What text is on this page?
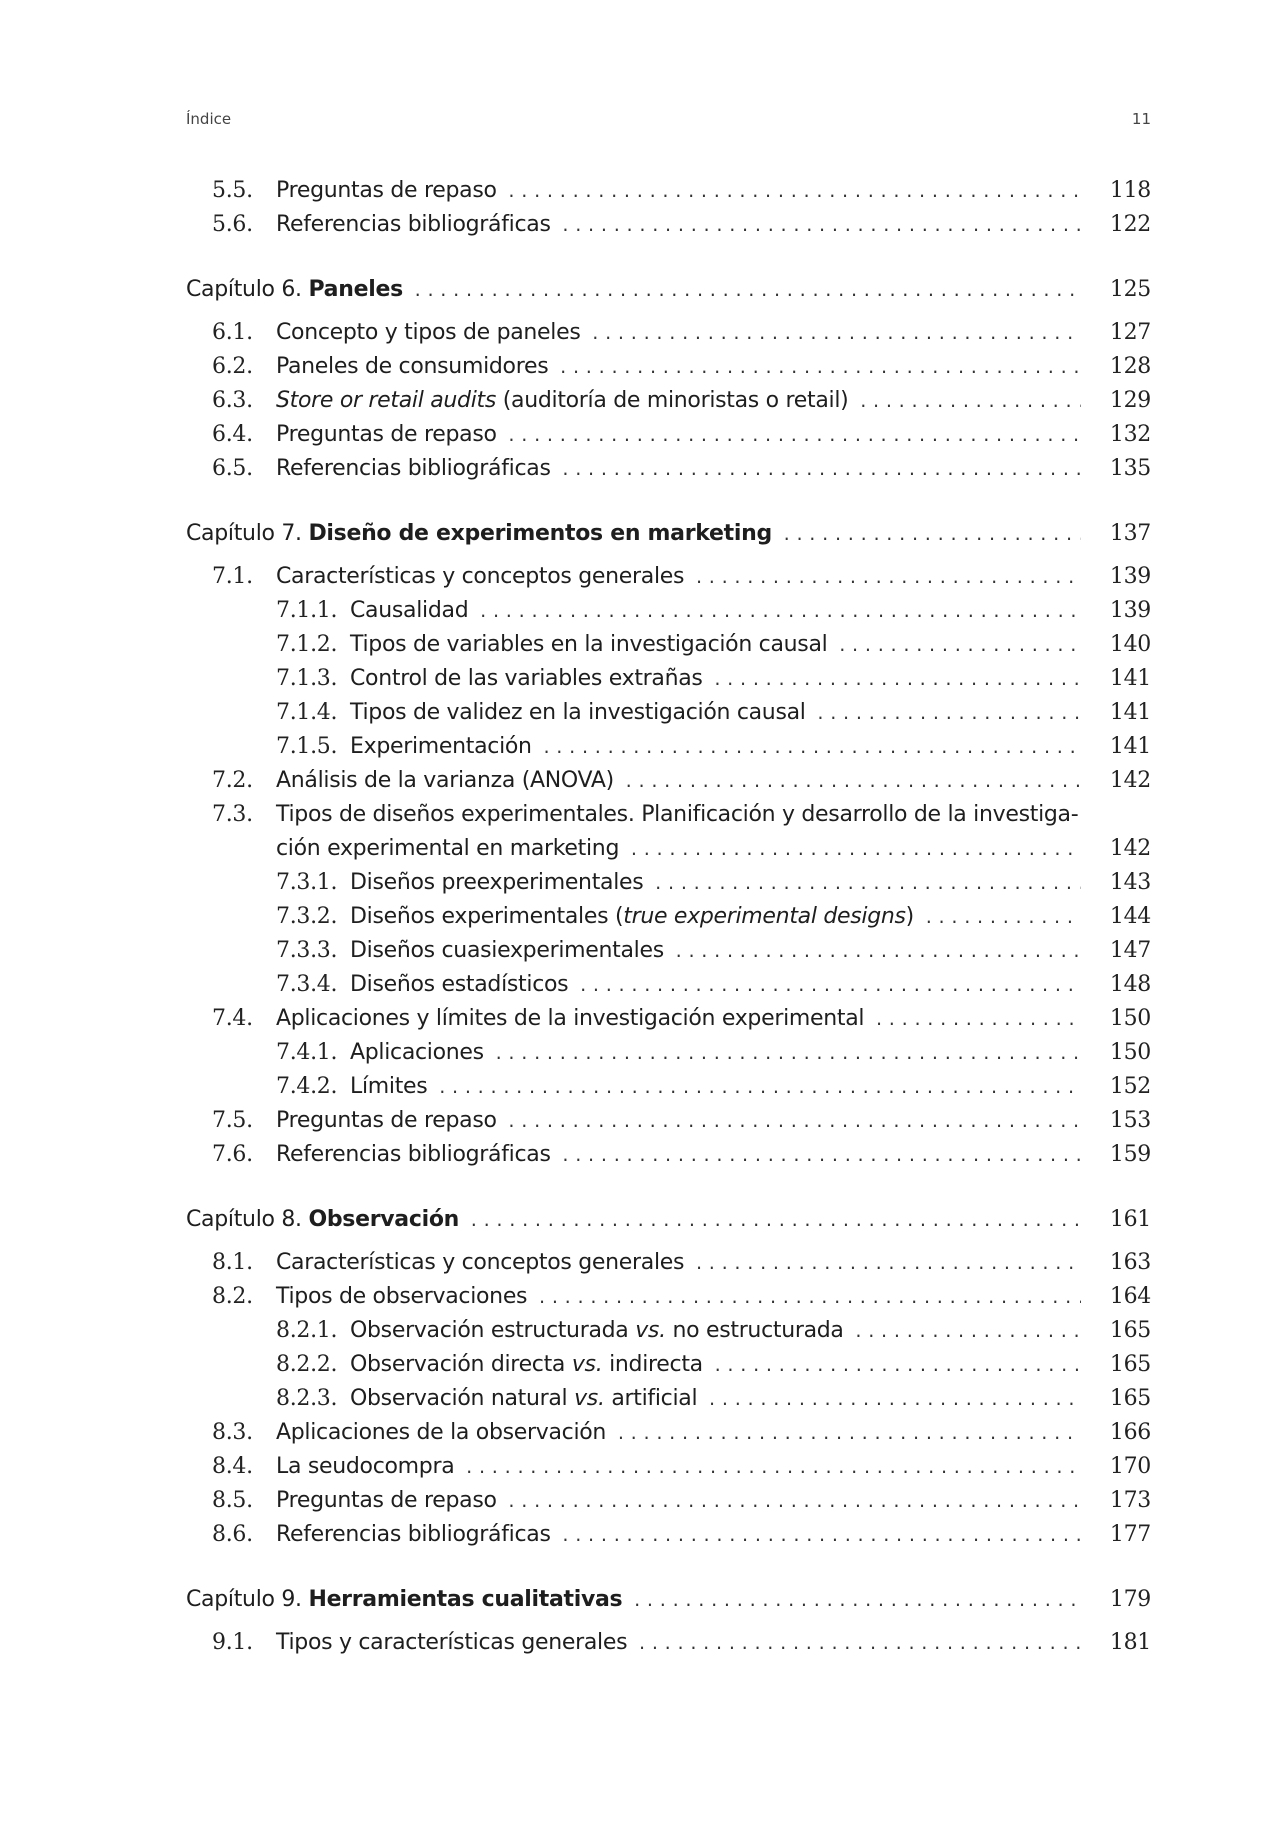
Índice	11
5.5.	Preguntas de repaso .....	118
5.6.	Referencias bibliográficas .....	122
Capítulo 6. Paneles .....	125
6.1.	Concepto y tipos de paneles .....	127
6.2.	Paneles de consumidores .....	128
6.3.	Store or retail audits (auditoría de minoristas o retail) .....	129
6.4.	Preguntas de repaso .....	132
6.5.	Referencias bibliográficas .....	135
Capítulo 7. Diseño de experimentos en marketing .....	137
7.1.	Características y conceptos generales .....	139
7.1.1. Causalidad .....	139
7.1.2. Tipos de variables en la investigación causal .....	140
7.1.3. Control de las variables extrañas .....	141
7.1.4. Tipos de validez en la investigación causal .....	141
7.1.5. Experimentación .....	141
7.2.	Análisis de la varianza (ANOVA) .....	142
7.3.	Tipos de diseños experimentales. Planificación y desarrollo de la investiga-
ción experimental en marketing .....	142
7.3.1. Diseños preexperimentales .....	143
7.3.2. Diseños experimentales (true experimental designs) .....	144
7.3.3. Diseños cuasiexperimentales .....	147
7.3.4. Diseños estadísticos .....	148
7.4.	Aplicaciones y límites de la investigación experimental .....	150
7.4.1. Aplicaciones .....	150
7.4.2. Límites .....	152
7.5.	Preguntas de repaso .....	153
7.6.	Referencias bibliográficas .....	159
Capítulo 8. Observación .....	161
8.1.	Características y conceptos generales .....	163
8.2.	Tipos de observaciones .....	164
8.2.1. Observación estructurada vs. no estructurada .....	165
8.2.2. Observación directa vs. indirecta .....	165
8.2.3. Observación natural vs. artificial .....	165
8.3.	Aplicaciones de la observación .....	166
8.4.	La seudocompra .....	170
8.5.	Preguntas de repaso .....	173
8.6.	Referencias bibliográficas .....	177
Capítulo 9. Herramientas cualitativas .....	179
9.1.	Tipos y características generales .....	181
